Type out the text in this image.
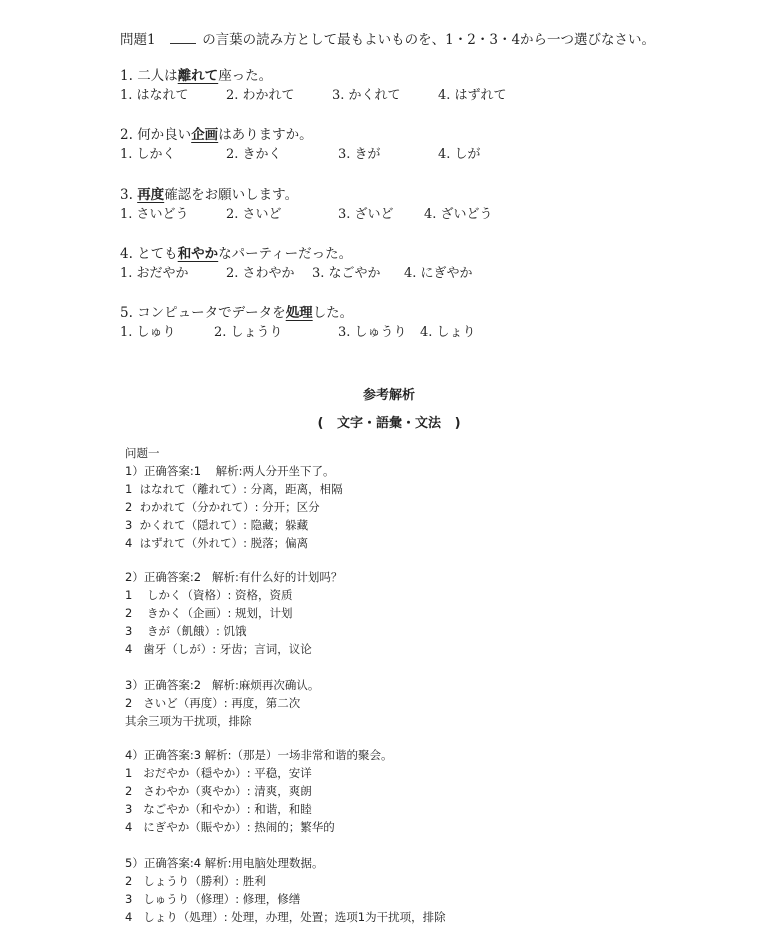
問題1	の言葉の読み方として最もよいものを、1・2・3・4から一つ選びなさい。
1. 二人は離れて座った。
1. はなれて	2. わかれて	3. かくれて	4. はずれて
2. 何か良い企画はありますか。
1. しかく	2. きかく	3. きが	4. しが
3. 再度確認をお願いします。
1. さいどう	2. さいど	3. ざいど 4. ざいどう
4. とても和やかなパーティーだった。
1. おだやか	2. さわやか 3. なごやか 4. にぎやか
5. コンピュータでデータを処理した。
1. しゅり	2. しょうり	3. しゅうり 4. しょり
参考解析
(   文字・語彙・文法   )
问题一
1）正确答案:1    解析:两人分开坐下了。
1  はなれて（離れて）: 分离，距离，相隔
2  わかれて（分かれて）: 分开；区分
3  かくれて（隠れて）: 隐藏；躲藏
4  はずれて（外れて）: 脱落；偏离
2）正确答案:2   解析:有什么好的计划吗？
1    しかく（資格）: 资格，资质
2    きかく（企画）: 规划，计划
3    きが（飢餓）: 饥饿
4   歯牙（しが）: 牙齿；言词，议论
3）正确答案:2   解析:麻烦再次确认。
2   さいど（再度）: 再度，第二次
其余三项为干扰项，排除
4）正确答案:3 解析:（那是）一场非常和谐的聚会。
1   おだやか（穏やか）: 平稳，安详
2   さわやか（爽やか）: 清爽，爽朗
3   なごやか（和やか）: 和谐，和睦
4   にぎやか（賑やか）: 热闹的；繁华的
5）正确答案:4 解析:用电脑处理数据。
2   しょうり（勝利）: 胜利
3   しゅうり（修理）: 修理，修缮
4   しょり（処理）: 处理，办理，处置；选项1为干扰项，排除
